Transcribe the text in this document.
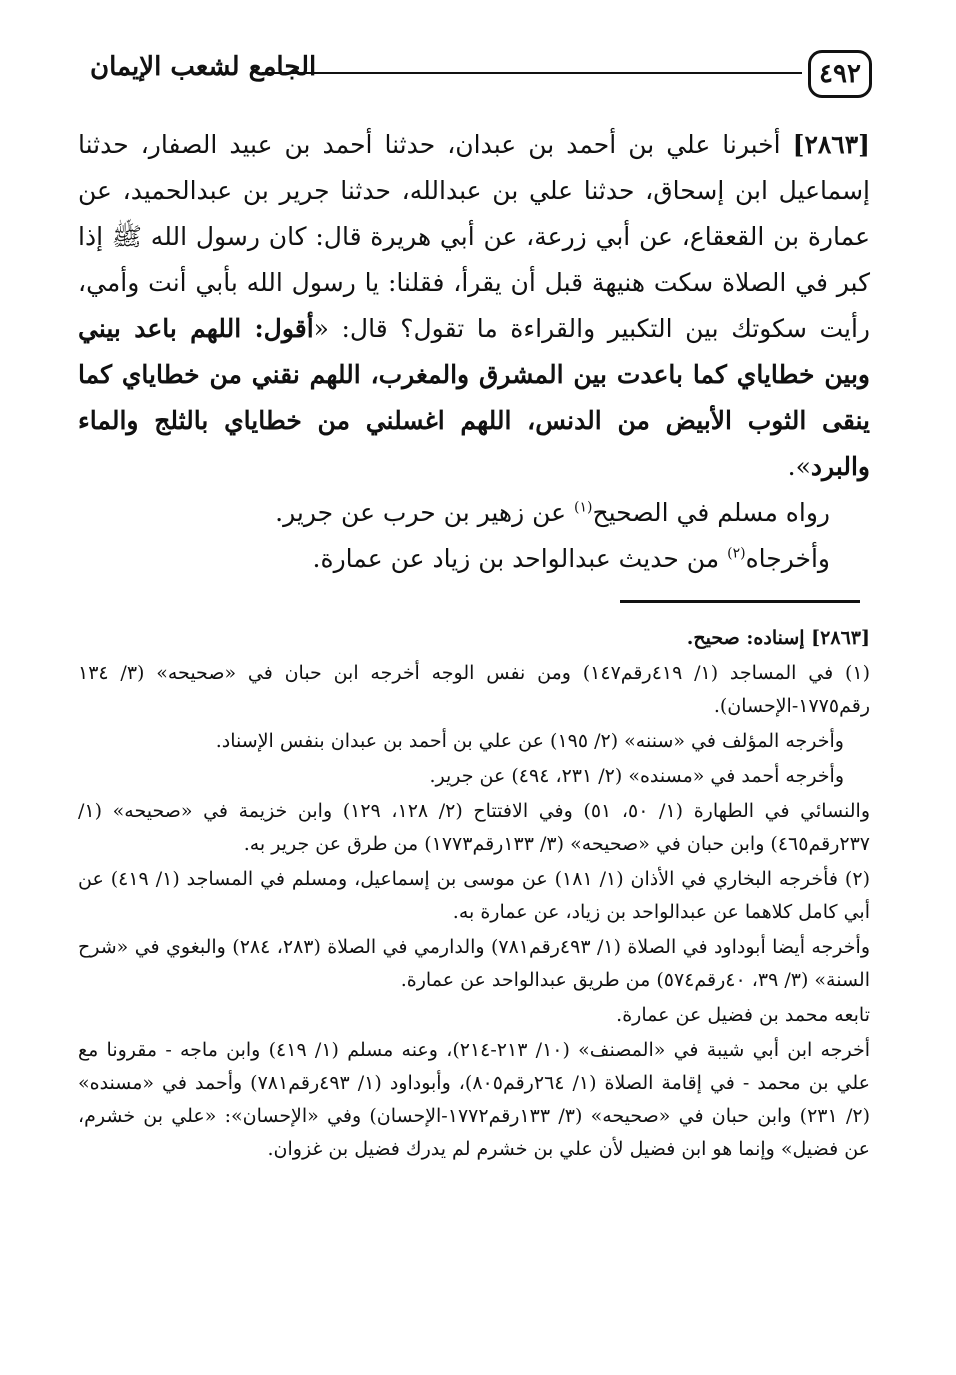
٤٩٢
الجامع لشعب الإيمان

[٢٨٦٣] أخبرنا علي بن أحمد بن عبدان، حدثنا أحمد بن عبيد الصفار، حدثنا إسماعيل ابن إسحاق، حدثنا علي بن عبدالله، حدثنا جرير بن عبدالحميد، عن عمارة بن القعقاع، عن أبي زرعة، عن أبي هريرة قال: كان رسول الله ﷺ إذا كبر في الصلاة سكت هنيهة قبل أن يقرأ، فقلنا: يا رسول الله بأبي أنت وأمي، رأيت سكوتك بين التكبير والقراءة ما تقول؟ قال: «أقول: اللهم باعد بيني وبين خطاياي كما باعدت بين المشرق والمغرب، اللهم نقني من خطاياي كما ينقى الثوب الأبيض من الدنس، اللهم اغسلني من خطاياي بالثلج والماء والبرد».

رواه مسلم في الصحيح$^{(١)}$ عن زهير بن حرب عن جرير.

وأخرجاه$^{(٢)}$ من حديث عبدالواحد بن زياد عن عمارة.

[٢٨٦٣] إسناده: صحيح.

(١) في المساجد (١/ ٤١٩رقم١٤٧) ومن نفس الوجه أخرجه ابن حبان في «صحيحه» (٣/ ١٣٤ رقم١٧٧٥-الإحسان).

وأخرجه المؤلف في «سننه» (٢/ ١٩٥) عن علي بن أحمد بن عبدان بنفس الإسناد.

وأخرجه أحمد في «مسنده» (٢/ ٢٣١، ٤٩٤) عن جرير.

والنسائي في الطهارة (١/ ٥٠، ٥١) وفي الافتتاح (٢/ ١٢٨، ١٢٩) وابن خزيمة في «صحيحه» (١/ ٢٣٧رقم٤٦٥) وابن حبان في «صحيحه» (٣/ ١٣٣رقم١٧٧٣) من طرق عن جرير به.

(٢) فأخرجه البخاري في الأذان (١/ ١٨١) عن موسى بن إسماعيل، ومسلم في المساجد (١/ ٤١٩) عن أبي كامل كلاهما عن عبدالواحد بن زياد، عن عمارة به.

وأخرجه أيضا أبوداود في الصلاة (١/ ٤٩٣رقم٧٨١) والدارمي في الصلاة (٢٨٣، ٢٨٤) والبغوي في «شرح السنة» (٣/ ٣٩، ٤٠رقم٥٧٤) من طريق عبدالواحد عن عمارة.

تابعه محمد بن فضيل عن عمارة.

أخرجه ابن أبي شيبة في «المصنف» (١٠/ ٢١٣-٢١٤)، وعنه مسلم (١/ ٤١٩) وابن ماجه - مقرونا مع علي بن محمد - في إقامة الصلاة (١/ ٢٦٤رقم٨٠٥)، وأبوداود (١/ ٤٩٣رقم٧٨١) وأحمد في «مسنده» (٢/ ٢٣١) وابن حبان في «صحيحه» (٣/ ١٣٣رقم١٧٧٢-الإحسان) وفي «الإحسان»: «علي بن خشرم، عن فضيل» وإنما هو ابن فضيل لأن علي بن خشرم لم يدرك فضيل بن غزوان.
